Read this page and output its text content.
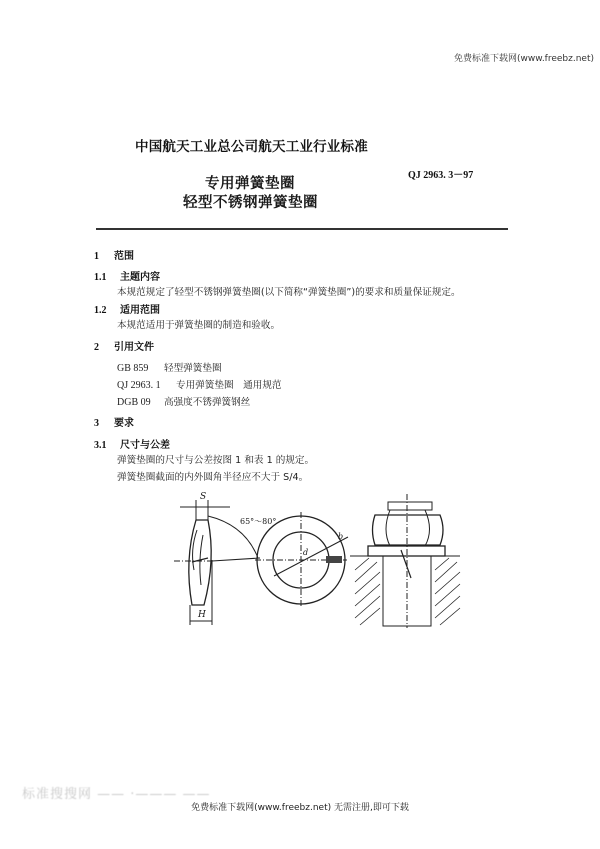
免费标准下载网(www.freebz.net)
中国航天工业总公司航天工业行业标准
QJ 2963. 3－97
专用弹簧垫圈
轻型不锈钢弹簧垫圈
1 范围
1.1 主题内容
本规范规定了轻型不锈钢弹簧垫圈(以下简称“弹簧垫圈”)的要求和质量保证规定。
1.2 适用范围
本规范适用于弹簧垫圈的制造和验收。
2 引用文件
GB 859 轻型弹簧垫圈
QJ 2963. 1 专用弹簧垫圈　通用规范
DGB 09 高强度不锈弹簧钢丝
3 要求
3.1 尺寸与公差
弹簧垫圈的尺寸与公差按图 1 和表 1 的规定。
弹簧垫圈截面的内外圆角半径应不大于 S/4。
S
H
65°～80°
d
b
标准搜搜网 —— ·——— ——
免费标准下载网(www.freebz.net) 无需注册,即可下载
